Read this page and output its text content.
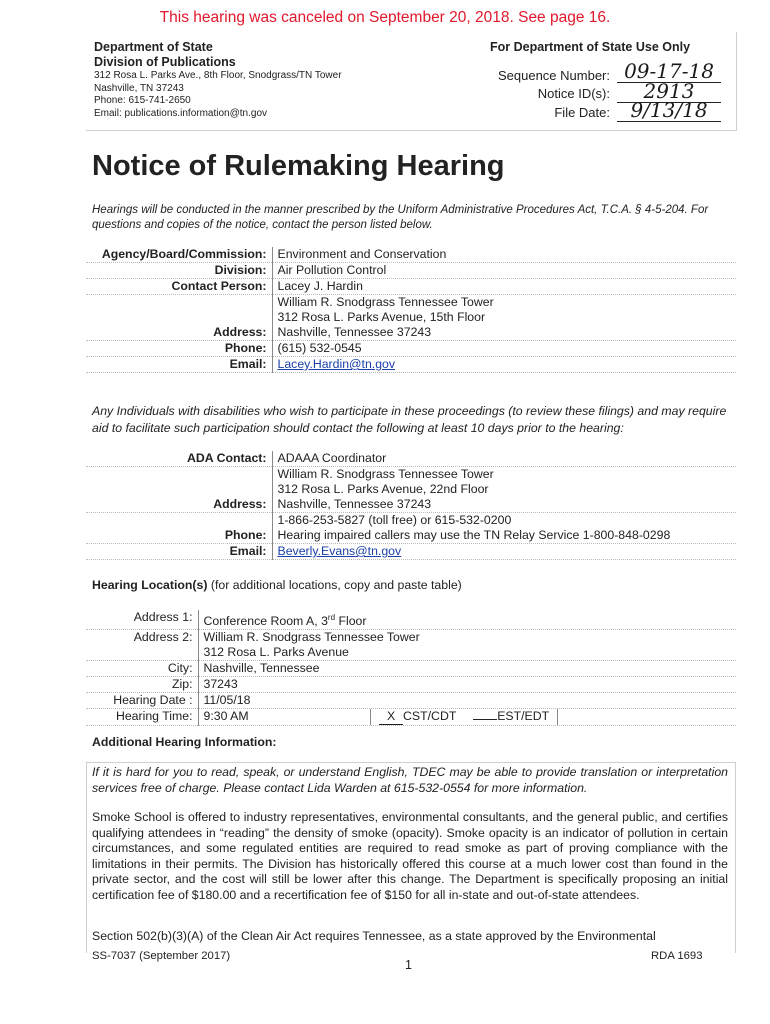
This hearing was canceled on September 20, 2018. See page 16.
Department of State
Division of Publications
312 Rosa L. Parks Ave., 8th Floor, Snodgrass/TN Tower
Nashville, TN 37243
Phone: 615-741-2650
Email: publications.information@tn.gov
For Department of State Use Only
Sequence Number: 09-17-18
Notice ID(s):	2913
File Date:	9/13/18
Notice of Rulemaking Hearing
Hearings will be conducted in the manner prescribed by the Uniform Administrative Procedures Act, T.C.A. § 4-5-204. For questions and copies of the notice, contact the person listed below.
Agency/Board/Commission:	Environment and Conservation
Division:	Air Pollution Control
Contact Person:	Lacey J. Hardin
	William R. Snodgrass Tennessee Tower
	312 Rosa L. Parks Avenue, 15th Floor
Address:	Nashville, Tennessee 37243
Phone:	(615) 532-0545
Email:	Lacey.Hardin@tn.gov
Any Individuals with disabilities who wish to participate in these proceedings (to review these filings) and may require aid to facilitate such participation should contact the following at least 10 days prior to the hearing:
ADA Contact:	ADAAA Coordinator
	William R. Snodgrass Tennessee Tower
	312 Rosa L. Parks Avenue, 22nd Floor
Address:	Nashville, Tennessee 37243
	1-866-253-5827 (toll free) or 615-532-0200
Phone:	Hearing impaired callers may use the TN Relay Service 1-800-848-0298
Email:	Beverly.Evans@tn.gov
Hearing Location(s) (for additional locations, copy and paste table)
Address 1:	Conference Room A, 3rd Floor
Address 2:	William R. Snodgrass Tennessee Tower
	312 Rosa L. Parks Avenue
City:	Nashville, Tennessee
Zip:	37243
Hearing Date :	11/05/18
Hearing Time:	9:30 AM X CST/CDT EST/EDT
Additional Hearing Information:
If it is hard for you to read, speak, or understand English, TDEC may be able to provide translation or interpretation services free of charge. Please contact Lida Warden at 615-532-0554 for more information.
Smoke School is offered to industry representatives, environmental consultants, and the general public, and certifies qualifying attendees in “reading” the density of smoke (opacity). Smoke opacity is an indicator of pollution in certain circumstances, and some regulated entities are required to read smoke as part of proving compliance with the limitations in their permits. The Division has historically offered this course at a much lower cost than found in the private sector, and the cost will still be lower after this change. The Department is specifically proposing an initial certification fee of $180.00 and a recertification fee of $150 for all in-state and out-of-state attendees.
Section 502(b)(3)(A) of the Clean Air Act requires Tennessee, as a state approved by the Environmental
SS-7037 (September 2017)
1
RDA 1693
